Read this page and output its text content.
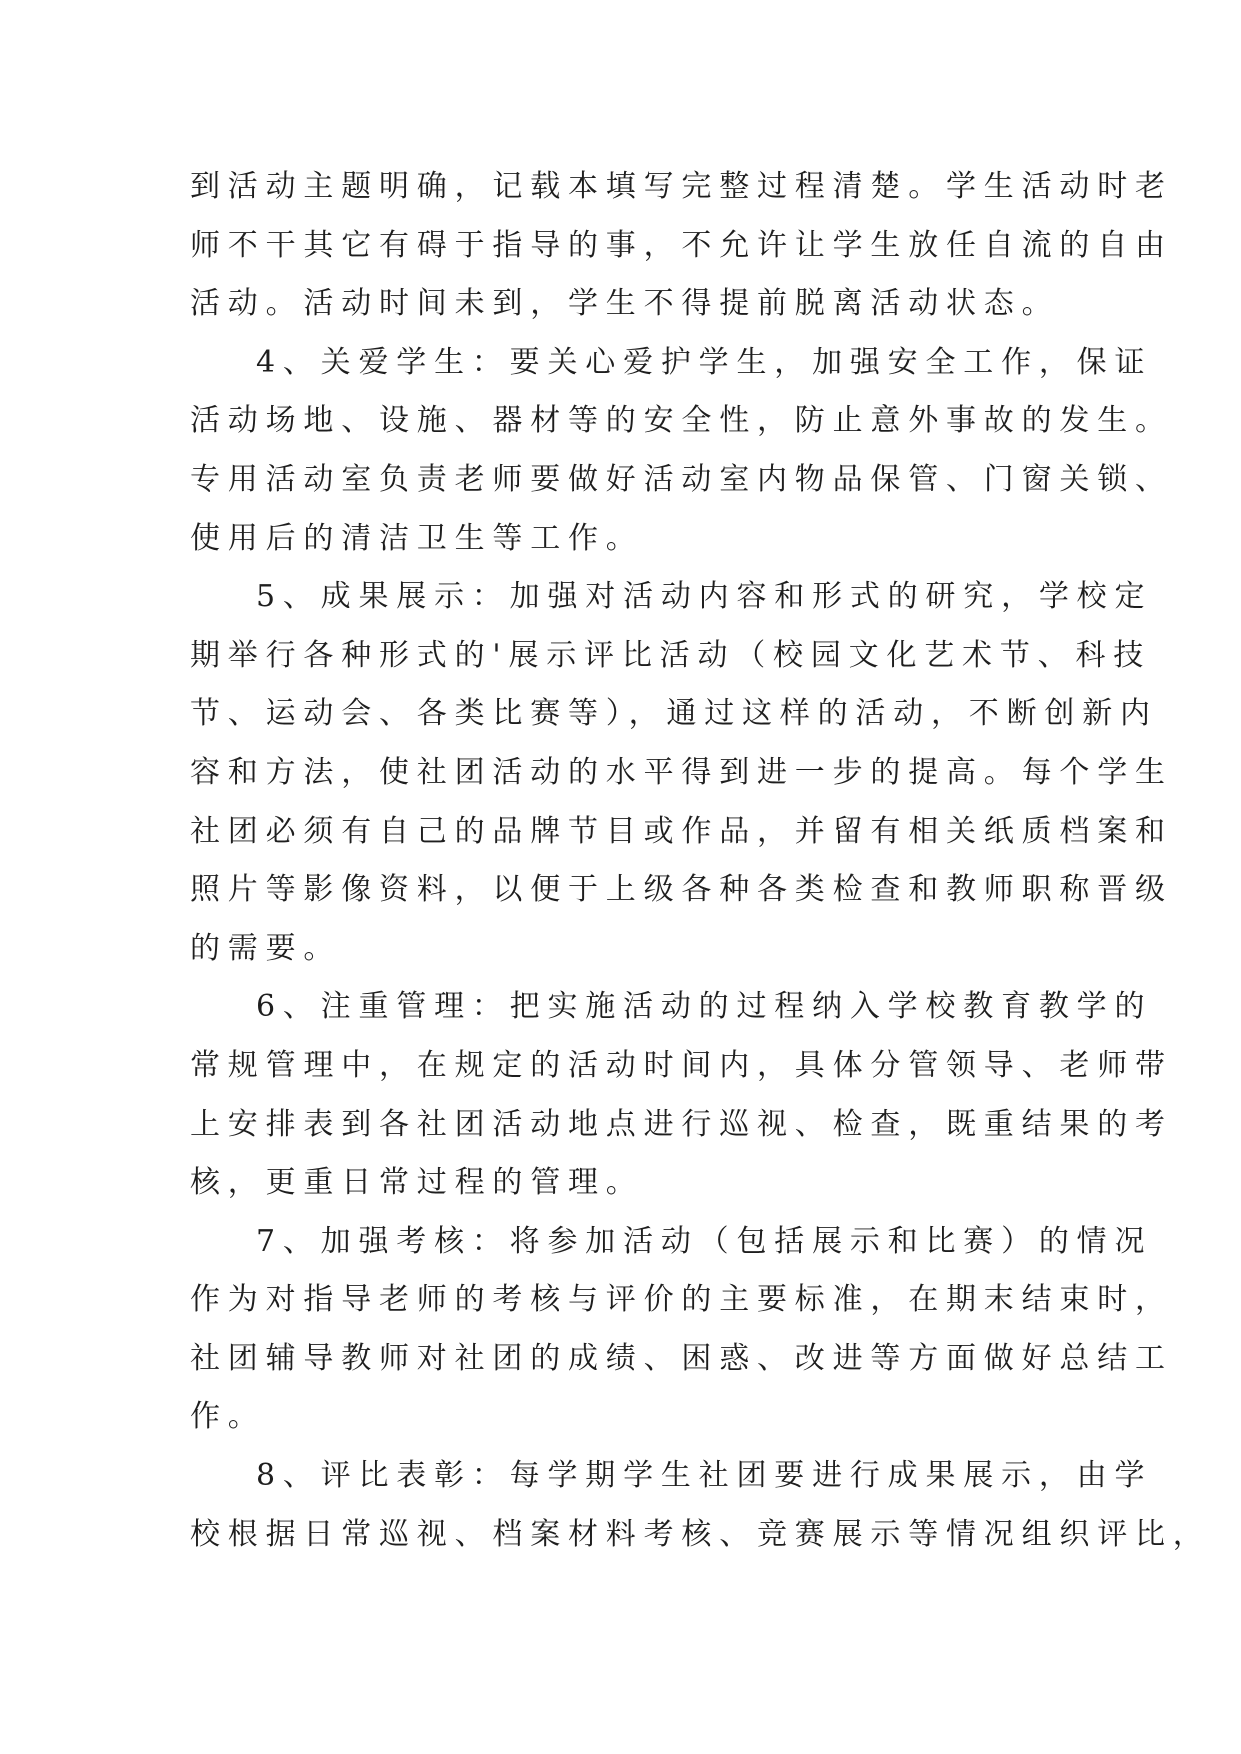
到活动主题明确，记载本填写完整过程清楚。学生活动时老
师不干其它有碍于指导的事，不允许让学生放任自流的自由
活动。活动时间未到，学生不得提前脱离活动状态。
4、关爱学生：要关心爱护学生，加强安全工作，保证
活动场地、设施、器材等的安全性，防止意外事故的发生。
专用活动室负责老师要做好活动室内物品保管、门窗关锁、
使用后的清洁卫生等工作。
5、成果展示：加强对活动内容和形式的研究，学校定
期举行各种形式的'展示评比活动（校园文化艺术节、科技
节、运动会、各类比赛等），通过这样的活动，不断创新内
容和方法，使社团活动的水平得到进一步的提高。每个学生
社团必须有自己的品牌节目或作品，并留有相关纸质档案和
照片等影像资料，以便于上级各种各类检查和教师职称晋级
的需要。
6、注重管理：把实施活动的过程纳入学校教育教学的
常规管理中，在规定的活动时间内，具体分管领导、老师带
上安排表到各社团活动地点进行巡视、检查，既重结果的考
核，更重日常过程的管理。
7、加强考核：将参加活动（包括展示和比赛）的情况
作为对指导老师的考核与评价的主要标准，在期末结束时，
社团辅导教师对社团的成绩、困惑、改进等方面做好总结工
作。
8、评比表彰：每学期学生社团要进行成果展示，由学
校根据日常巡视、档案材料考核、竞赛展示等情况组织评比，
